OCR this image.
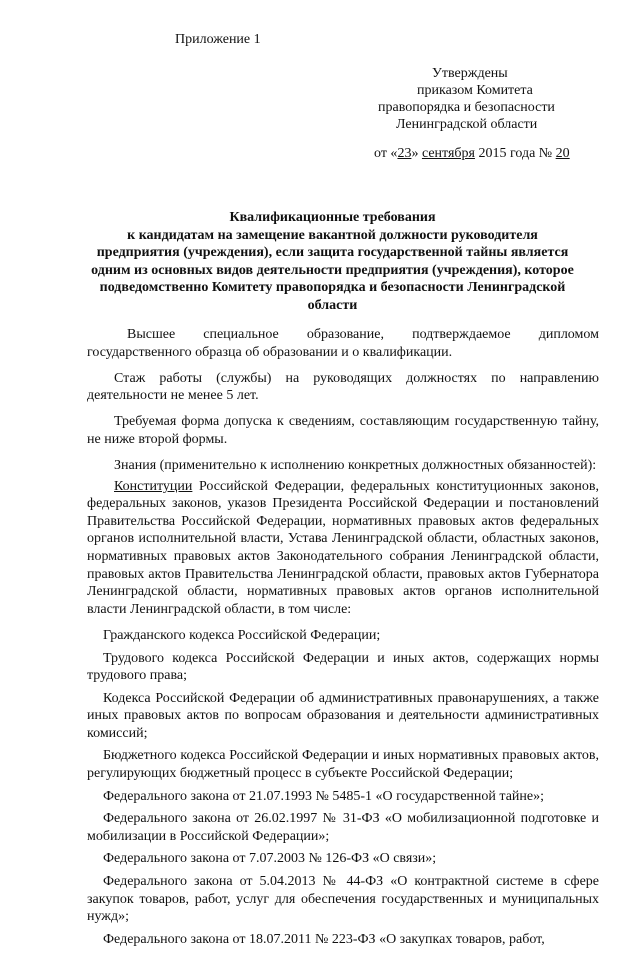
Приложение 1
Утверждены
приказом Комитета
правопорядка и безопасности
Ленинградской области
от «23» сентября 2015 года № 20
Квалификационные требования
к кандидатам на замещение вакантной должности руководителя
предприятия (учреждения), если защита государственной тайны является
одним из основных видов деятельности предприятия (учреждения), которое
подведомственно Комитету правопорядка и безопасности Ленинградской
области

Высшее специальное образование, подтверждаемое дипломом государственного образца об образовании и о квалификации.

Стаж работы (службы) на руководящих должностях по направлению деятельности не менее 5 лет.

Требуемая форма допуска к сведениям, составляющим государственную тайну, не ниже второй формы.

Знания (применительно к исполнению конкретных должностных обязанностей):

Конституции Российской Федерации, федеральных конституционных законов, федеральных законов, указов Президента Российской Федерации и постановлений Правительства Российской Федерации, нормативных правовых актов федеральных органов исполнительной власти, Устава Ленинградской области, областных законов, нормативных правовых актов Законодательного собрания Ленинградской области, правовых актов Правительства Ленинградской области, правовых актов Губернатора Ленинградской области, нормативных правовых актов органов исполнительной власти Ленинградской области, в том числе:

Гражданского кодекса Российской Федерации;

Трудового кодекса Российской Федерации и иных актов, содержащих нормы трудового права;

Кодекса Российской Федерации об административных правонарушениях, а также иных правовых актов по вопросам образования и деятельности административных комиссий;

Бюджетного кодекса Российской Федерации и иных нормативных правовых актов, регулирующих бюджетный процесс в субъекте Российской Федерации;

Федерального закона от 21.07.1993 № 5485-1 «О государственной тайне»;

Федерального закона от 26.02.1997 № 31-ФЗ «О мобилизационной подготовке и мобилизации в Российской Федерации»;

Федерального закона от 7.07.2003 № 126-ФЗ «О связи»;

Федерального закона от 5.04.2013 № 44-ФЗ «О контрактной системе в сфере закупок товаров, работ, услуг для обеспечения государственных и муниципальных нужд»;

Федерального закона от 18.07.2011 № 223-ФЗ «О закупках товаров, работ,
